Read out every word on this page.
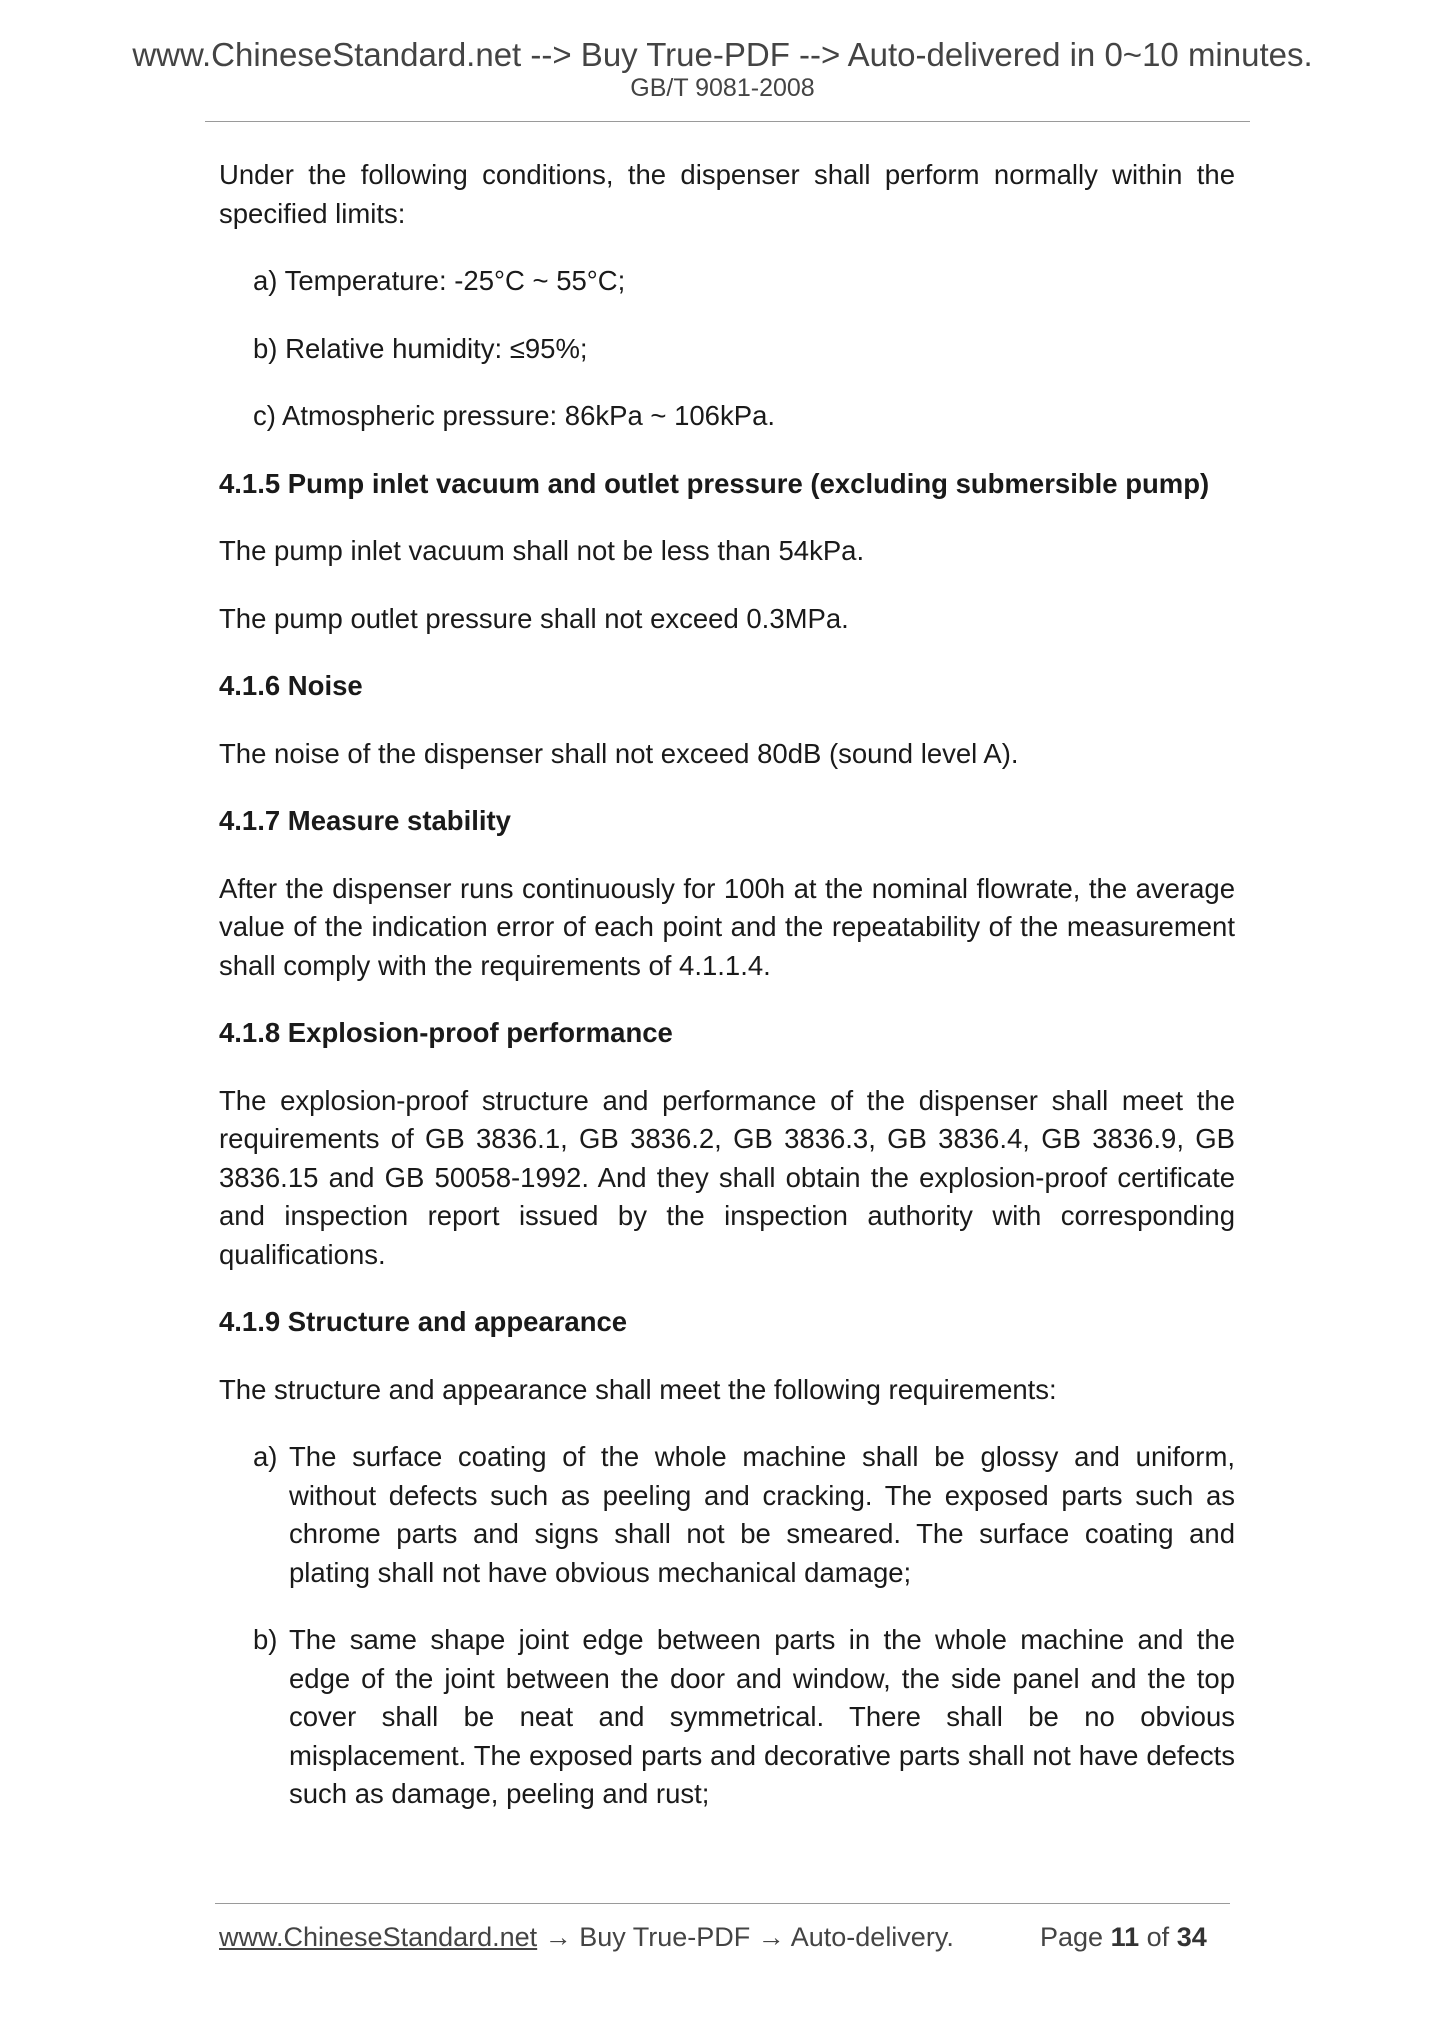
www.ChineseStandard.net --> Buy True-PDF --> Auto-delivered in 0~10 minutes.
GB/T 9081-2008

Under the following conditions, the dispenser shall perform normally within the specified limits:

a) Temperature: -25°C ~ 55°C;

b) Relative humidity: ≤95%;

c) Atmospheric pressure: 86kPa ~ 106kPa.

4.1.5 Pump inlet vacuum and outlet pressure (excluding submersible pump)

The pump inlet vacuum shall not be less than 54kPa.

The pump outlet pressure shall not exceed 0.3MPa.

4.1.6 Noise

The noise of the dispenser shall not exceed 80dB (sound level A).

4.1.7 Measure stability

After the dispenser runs continuously for 100h at the nominal flowrate, the average value of the indication error of each point and the repeatability of the measurement shall comply with the requirements of 4.1.1.4.

4.1.8 Explosion-proof performance

The explosion-proof structure and performance of the dispenser shall meet the requirements of GB 3836.1, GB 3836.2, GB 3836.3, GB 3836.4, GB 3836.9, GB 3836.15 and GB 50058-1992. And they shall obtain the explosion-proof certificate and inspection report issued by the inspection authority with corresponding qualifications.

4.1.9 Structure and appearance

The structure and appearance shall meet the following requirements:

a) The surface coating of the whole machine shall be glossy and uniform, without defects such as peeling and cracking. The exposed parts such as chrome parts and signs shall not be smeared. The surface coating and plating shall not have obvious mechanical damage;
b) The same shape joint edge between parts in the whole machine and the edge of the joint between the door and window, the side panel and the top cover shall be neat and symmetrical. There shall be no obvious misplacement. The exposed parts and decorative parts shall not have defects such as damage, peeling and rust;
www.ChineseStandard.net → Buy True-PDF → Auto-delivery.	Page 11 of 34
